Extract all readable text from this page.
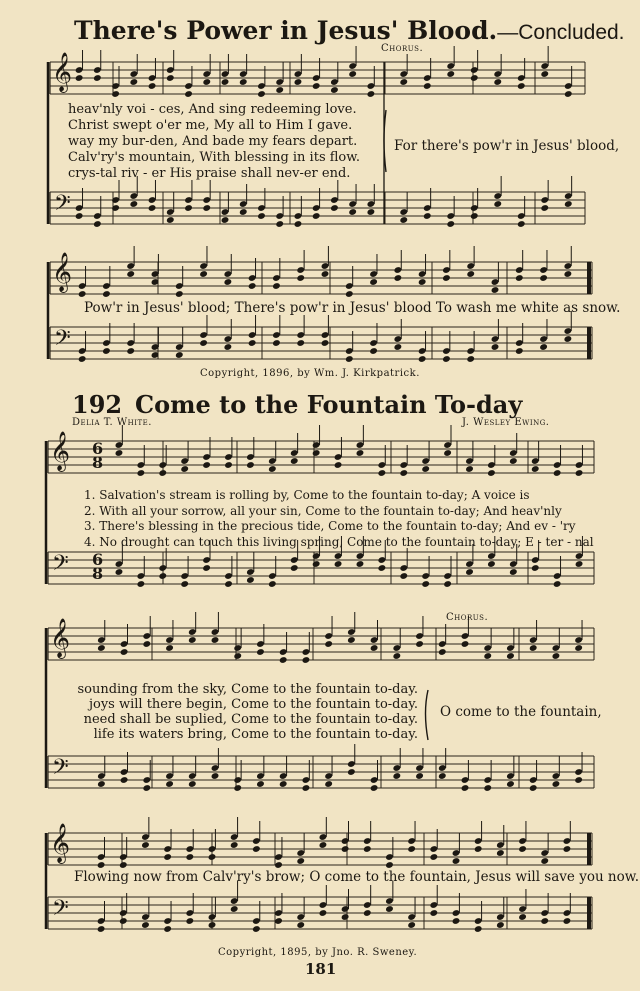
There's Power in Jesus' Blood.—Concluded.
Chorus.
𝄞
𝄢
𝄞
𝄢
𝄞
𝄢
6
8
6
8
𝄞
𝄢
𝄞
𝄢
heav'nly voi - ces, And sing redeeming love.
Christ swept o'er me, My all to Him I gave.
way my bur-den, And bade my fears depart.
Calv'ry's mountain, With blessing in its flow.
crys-tal riv - er His praise shall nev-er end.
For there's pow'r in Jesus' blood,
Pow'r in Jesus' blood; There's pow'r in Jesus' blood To wash me white as snow.
Copyright, 1896, by Wm. J. Kirkpatrick.
192 Come to the Fountain To-day
Delia T. White.	J. Wesley Ewing.
1. Salvation's stream is rolling by, Come to the fountain to-day; A voice is
2. With all your sorrow, all your sin, Come to the fountain to-day; And heav'nly
3. There's blessing in the precious tide, Come to the fountain to-day; And ev - 'ry
4. No drought can touch this living spring, Come to the fountain to-day; E - ter - nal
Chorus.
sounding from the sky, Come to the fountain to-day.
joys will there begin, Come to the fountain to-day.
need shall be suplied, Come to the fountain to-day.
life its waters bring, Come to the fountain to-day.
O come to the fountain,
Flowing now from Calv'ry's brow; O come to the fountain, Jesus will save you now.
Copyright, 1895, by Jno. R. Sweney.
181
